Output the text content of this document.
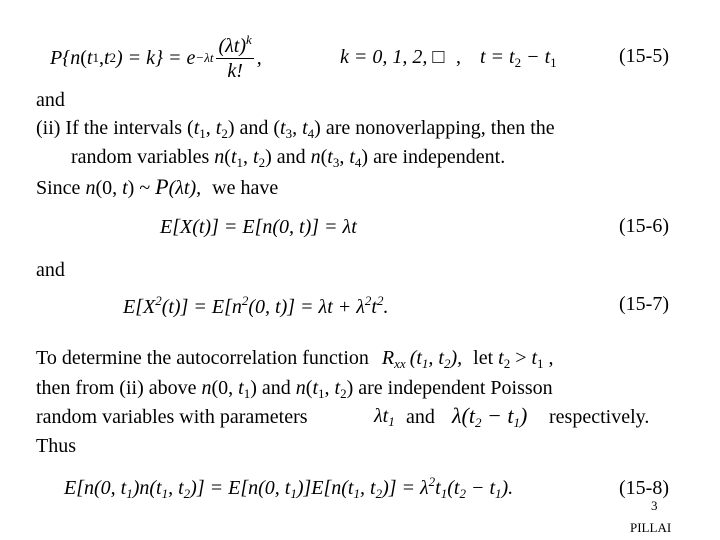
P{ n ( t 1 , t 2 ) = $k\} = e -\lambda t \frac{(\lambda t)^k}{k!}$ ,	k = 0, 1, 2, □ , $t = t_2 - t_1$	(15-5)
and
(ii) If the intervals ($t_1$, $t_2$) and ($t_3$, $t_4$) are nonoverlapping, then the
random variables $n(t_1$, $t_2$) and $n(t_3$, $t_4$) are independent.
Since n(0, t) ~ P(λt), we have
E[X(t)] = E[n(0, t)] = λt	(15-6)
and
$E[X^2(t)] = E[n^2(0$, $t)] = \lambda t + \lambda^2t^2$.	(15-7)
To determine the autocorrelation function $R_{xx}$ ($t_1$, $t_2$), let $t_2 > t_1$ ,
then from (ii) above n(0, $t_1$) and $n(t_1$, $t_2$) are independent Poisson
random variables with parameters	$\lambda t_1$ and $\lambda(t_2 - t_1)$ respectively.
Thus
E[n(0, $t_1)n(t_1$, $t_2)] = E[n(0$, $t_1)]E[n(t_1$, $t_2)] = \lambda^2t_1(t_2 - t_1)$.	(15-8)
3
PILLAI
